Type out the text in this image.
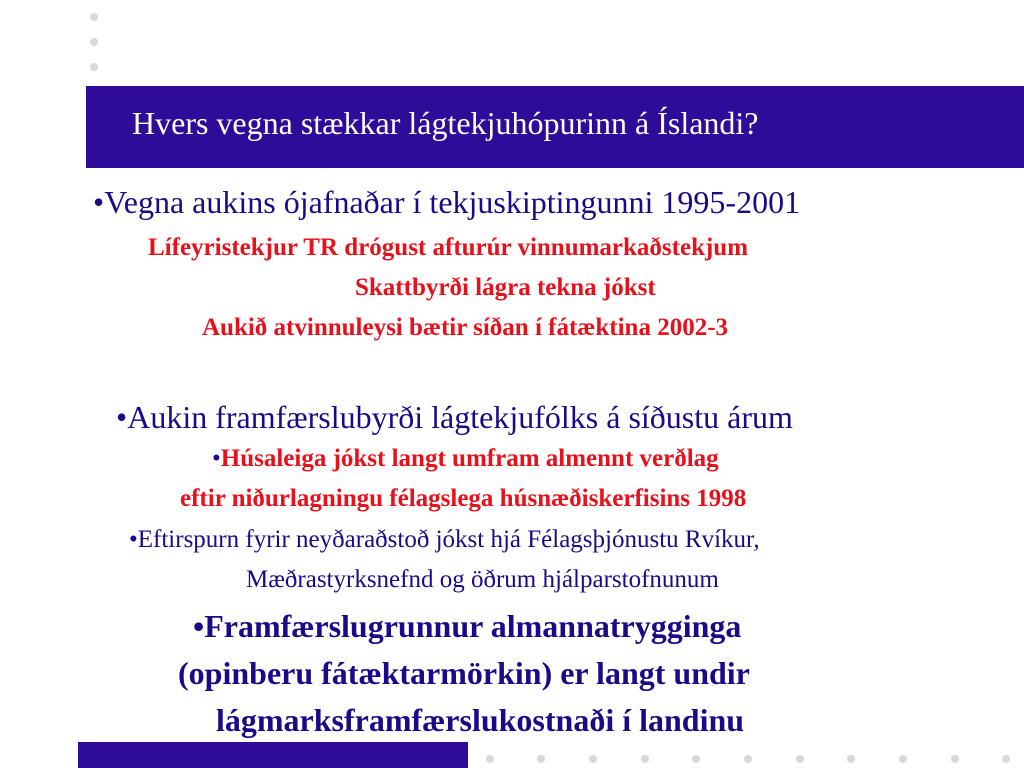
Hvers vegna stækkar lágtekjuhópurinn á Íslandi?
•Vegna aukins ójafnaðar í tekjuskiptingunni 1995-2001
Lífeyristekjur TR drógust afturúr vinnumarkaðstekjum
Skattbyrði lágra tekna jókst
Aukið atvinnuleysi bætir síðan í fátæktina 2002-3
•Aukin framfærslubyrði lágtekjufólks á síðustu árum
•Húsaleiga jókst langt umfram almennt verðlag
eftir niðurlagningu félagslega húsnæðiskerfisins 1998
•Eftirspurn fyrir neyðaraðstoð jókst hjá Félagsþjónustu Rvíkur,
Mæðrastyrksnefnd og öðrum hjálparstofnunum
•Framfærslugrunnur almannatrygginga
(opinberu fátæktarmörkin) er langt undir
lágmarksframfærslukostnaði í landinu
